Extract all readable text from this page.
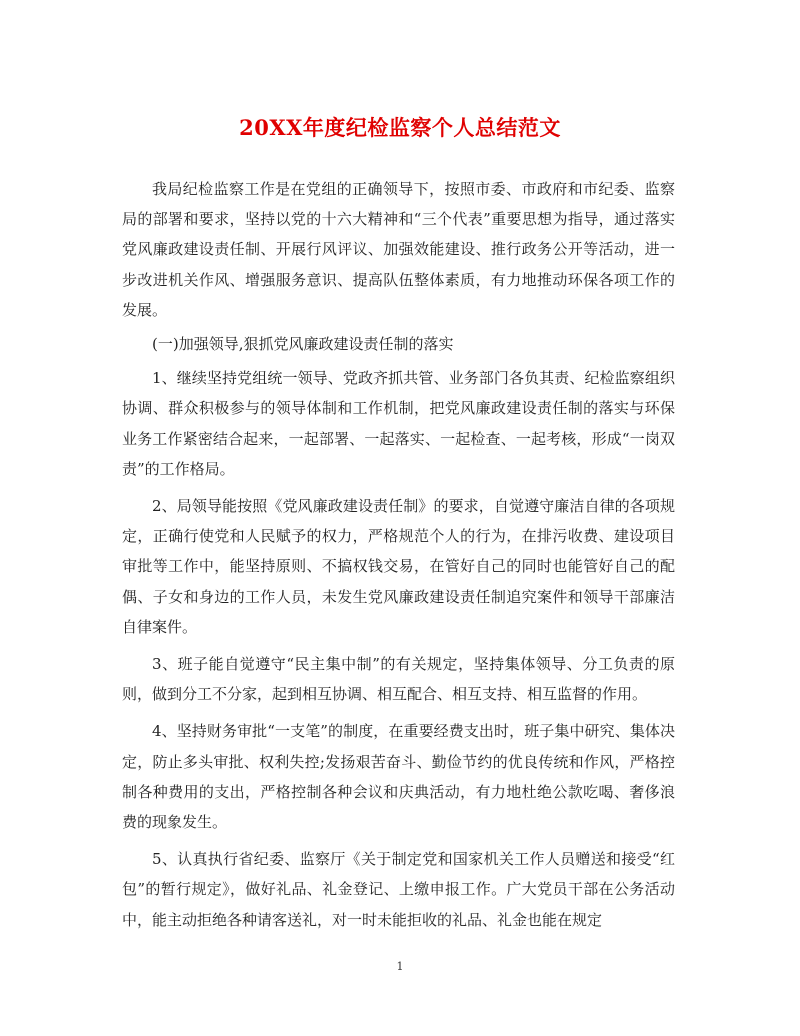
20XX年度纪检监察个人总结范文

我局纪检监察工作是在党组的正确领导下，按照市委、市政府和市纪委、监察局的部署和要求，坚持以党的十六大精神和“三个代表”重要思想为指导，通过落实党风廉政建设责任制、开展行风评议、加强效能建设、推行政务公开等活动，进一步改进机关作风、增强服务意识、提高队伍整体素质，有力地推动环保各项工作的发展。

(一)加强领导,狠抓党风廉政建设责任制的落实

1、继续坚持党组统一领导、党政齐抓共管、业务部门各负其责、纪检监察组织协调、群众积极参与的领导体制和工作机制，把党风廉政建设责任制的落实与环保业务工作紧密结合起来，一起部署、一起落实、一起检查、一起考核，形成“一岗双责”的工作格局。

2、局领导能按照《党风廉政建设责任制》的要求，自觉遵守廉洁自律的各项规定，正确行使党和人民赋予的权力，严格规范个人的行为，在排污收费、建设项目审批等工作中，能坚持原则、不搞权钱交易，在管好自己的同时也能管好自己的配偶、子女和身边的工作人员，未发生党风廉政建设责任制追究案件和领导干部廉洁自律案件。

3、班子能自觉遵守“民主集中制”的有关规定，坚持集体领导、分工负责的原则，做到分工不分家，起到相互协调、相互配合、相互支持、相互监督的作用。

4、坚持财务审批“一支笔”的制度，在重要经费支出时，班子集中研究、集体决定，防止多头审批、权利失控;发扬艰苦奋斗、勤俭节约的优良传统和作风，严格控制各种费用的支出，严格控制各种会议和庆典活动，有力地杜绝公款吃喝、奢侈浪费的现象发生。

5、认真执行省纪委、监察厅《关于制定党和国家机关工作人员赠送和接受“红包”的暂行规定》，做好礼品、礼金登记、上缴申报工作。广大党员干部在公务活动中，能主动拒绝各种请客送礼，对一时未能拒收的礼品、礼金也能在规定

1
